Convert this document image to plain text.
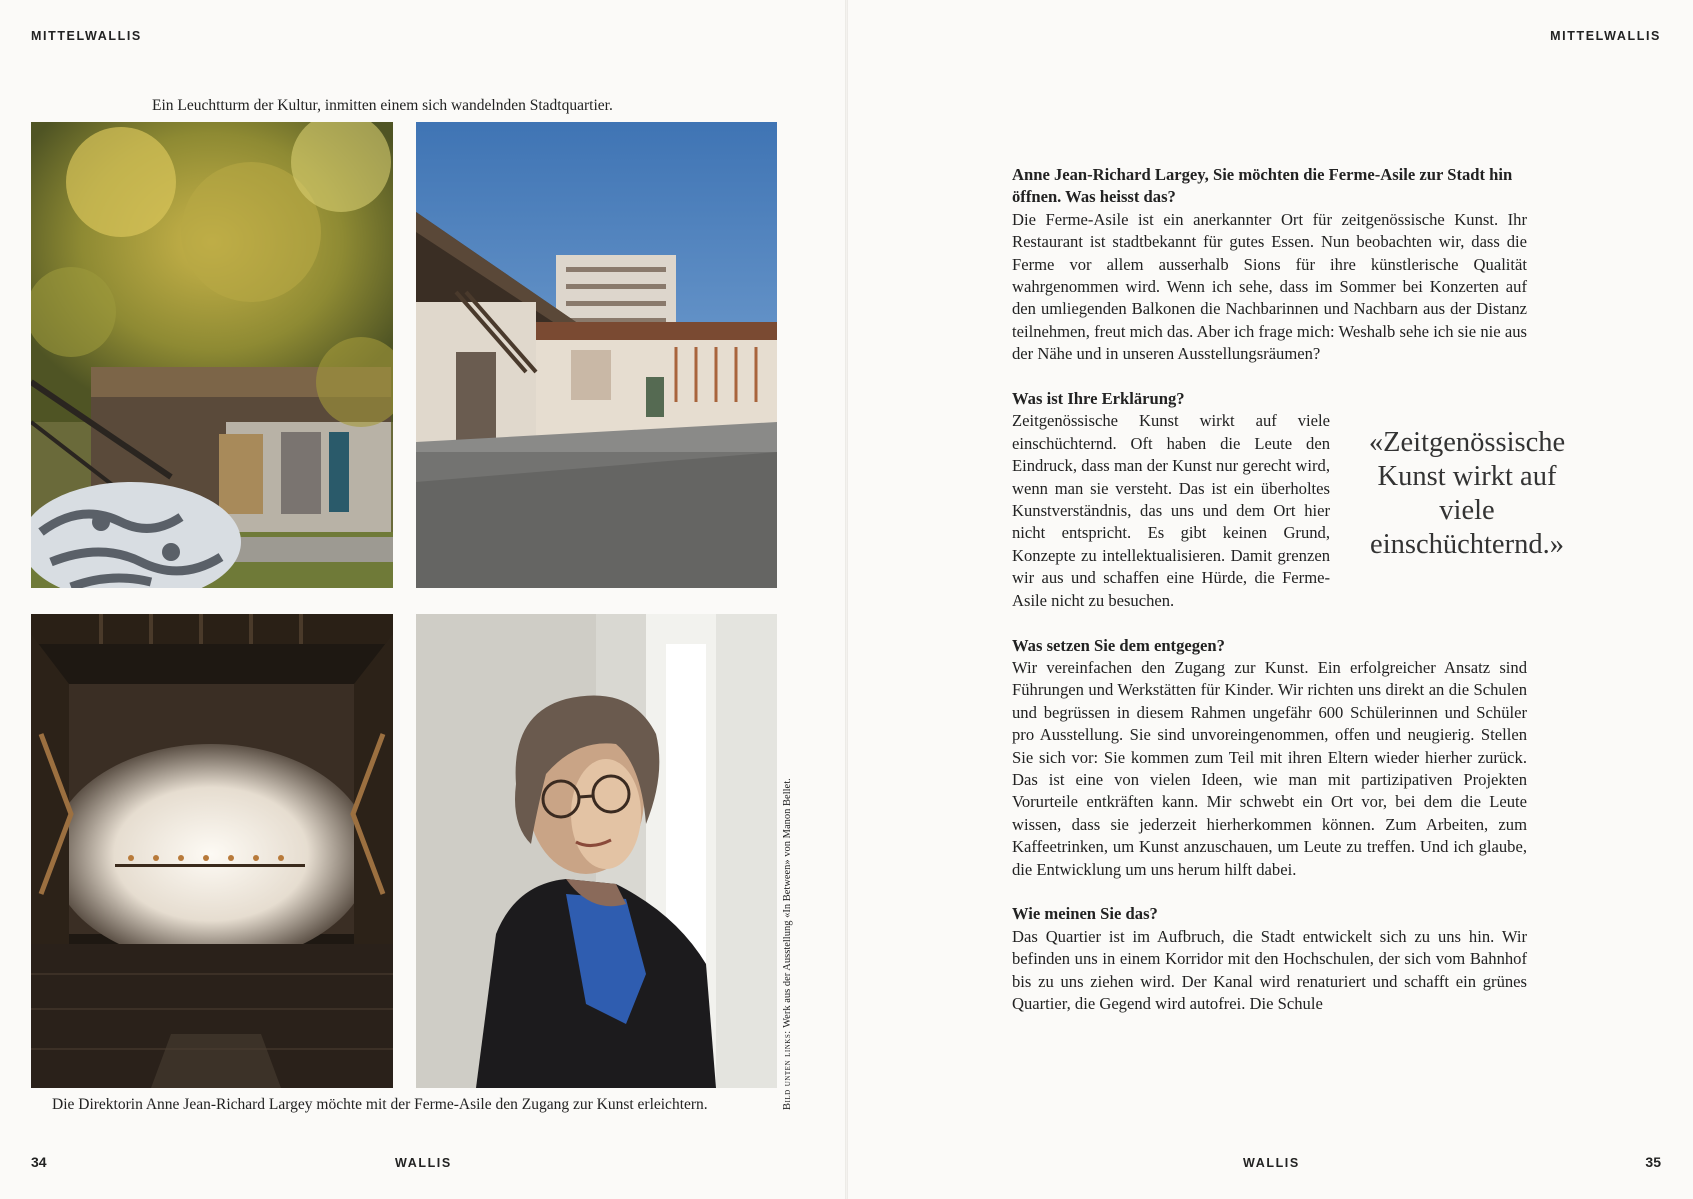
MITTELWALLIS	MITTELWALLIS
Ein Leuchtturm der Kultur, inmitten einem sich wandelnden Stadtquartier.
Die Direktorin Anne Jean-Richard Largey möchte mit der Ferme-Asile den Zugang zur Kunst erleichtern.	Bild unten links: Werk aus der Ausstellung «In Between» von Manon Bellet.
Anne Jean-Richard Largey, Sie möchten die Ferme-Asile zur Stadt hin öffnen. Was heisst das?
Die Ferme-Asile ist ein anerkannter Ort für zeitgenössische Kunst. Ihr Restaurant ist stadtbekannt für gutes Essen. Nun beobachten wir, dass die Ferme vor allem ausserhalb Sions für ihre künstlerische Qualität wahrgenommen wird. Wenn ich sehe, dass im Sommer bei Konzerten auf den umliegenden Balkonen die Nachbarinnen und Nachbarn aus der Distanz teilnehmen, freut mich das. Aber ich frage mich: Weshalb sehe ich sie nie aus der Nähe und in unseren Ausstellungsräumen?
Was ist Ihre Erklärung?
«Zeitgenössische Kunst wirkt auf viele einschüchternd.»
Zeitgenössische Kunst wirkt auf viele einschüchternd. Oft haben die Leute den Eindruck, dass man der Kunst nur gerecht wird, wenn man sie versteht. Das ist ein überholtes Kunstverständnis, das uns und dem Ort hier nicht entspricht. Es gibt keinen Grund, Konzepte zu intellektualisieren. Damit grenzen wir aus und schaffen eine Hürde, die Ferme-Asile nicht zu besuchen.
Was setzen Sie dem entgegen?
Wir vereinfachen den Zugang zur Kunst. Ein erfolgreicher Ansatz sind Führungen und Werkstätten für Kinder. Wir richten uns direkt an die Schulen und begrüssen in diesem Rahmen ungefähr 600 Schülerinnen und Schüler pro Ausstellung. Sie sind unvoreingenommen, offen und neugierig. Stellen Sie sich vor: Sie kommen zum Teil mit ihren Eltern wieder hierher zurück. Das ist eine von vielen Ideen, wie man mit partizipativen Projekten Vorurteile entkräften kann. Mir schwebt ein Ort vor, bei dem die Leute wissen, dass sie jederzeit hierherkommen können. Zum Arbeiten, zum Kaffeetrinken, um Kunst anzuschauen, um Leute zu treffen. Und ich glaube, die Entwicklung um uns herum hilft dabei.
Wie meinen Sie das?
Das Quartier ist im Aufbruch, die Stadt entwickelt sich zu uns hin. Wir befinden uns in einem Korridor mit den Hochschulen, der sich vom Bahnhof bis zu uns ziehen wird. Der Kanal wird renaturiert und schafft ein grünes Quartier, die Gegend wird autofrei. Die Schule
34	WALLIS	WALLIS	35
